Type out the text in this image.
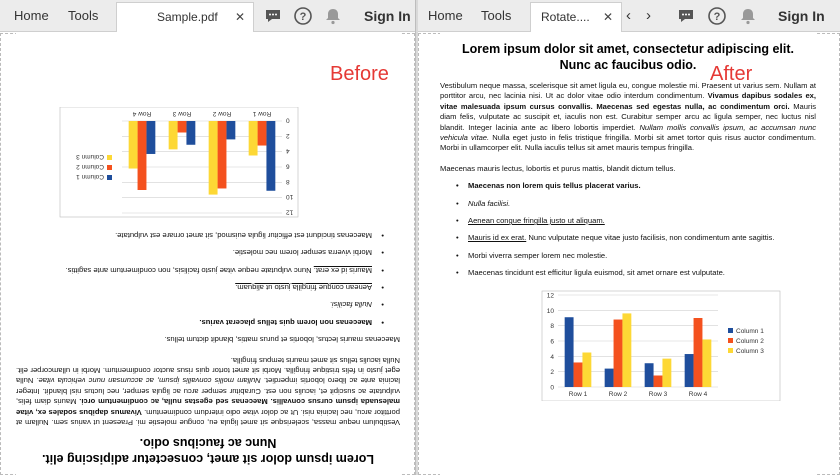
Home Tools	Sample.pdf ✕	?	Sign In
Lorem ipsum dolor sit amet, consectetur adipiscing elit. Nunc ac faucibus odio.
Vestibulum neque massa, scelerisque sit amet ligula eu, congue molestie mi. Praesent ut varius sem. Nullam at porttitor arcu, nec lacinia nisi. Ut ac dolor vitae odio interdum condimentum. Vivamus dapibus sodales ex, vitae malesuada ipsum cursus convallis. Maecenas sed egestas nulla, ac condimentum orci. Mauris diam felis, vulputate ac suscipit et, iaculis non est. Curabitur semper arcu ac ligula semper, nec luctus nisl blandit. Integer lacinia ante ac libero lobortis imperdiet. Nullam mollis convallis ipsum, ac accumsan nunc vehicula vitae. Nulla eget justo in felis tristique fringilla. Morbi sit amet tortor quis risus auctor condimentum. Morbi in ullamcorper elit. Nulla iaculis tellus sit amet mauris tempus fringilla.
Maecenas mauris lectus, lobortis et purus mattis, blandit dictum tellus.
• Maecenas non lorem quis tellus placerat varius.
• Nulla facilisi.
• Aenean congue fringilla justo ut aliquam.
• Mauris id ex erat. Nunc vulputate neque vitae justo facilisis, non condimentum ante sagittis.
• Morbi viverra semper lorem nec molestie.
• Maecenas tincidunt est efficitur ligula euismod, sit amet ornare est vulputate.
0
2
4
6
8
10
12
Row 1
Row 2
Row 3
Row 4
Column 1
Column 2
Column 3
Before
Home Tools Rotate....	✕ ‹ ›	?	Sign In
Lorem ipsum dolor sit amet, consectetur adipiscing elit. Nunc ac faucibus odio.
Vestibulum neque massa, scelerisque sit amet ligula eu, congue molestie mi. Praesent ut varius sem. Nullam at porttitor arcu, nec lacinia nisi. Ut ac dolor vitae odio interdum condimentum. Vivamus dapibus sodales ex, vitae malesuada ipsum cursus convallis. Maecenas sed egestas nulla, ac condimentum orci. Mauris diam felis, vulputate ac suscipit et, iaculis non est. Curabitur semper arcu ac ligula semper, nec luctus nisl blandit. Integer lacinia ante ac libero lobortis imperdiet. Nullam mollis convallis ipsum, ac accumsan nunc vehicula vitae. Nulla eget justo in felis tristique fringilla. Morbi sit amet tortor quis risus auctor condimentum. Morbi in ullamcorper elit. Nulla iaculis tellus sit amet mauris tempus fringilla.
Maecenas mauris lectus, lobortis et purus mattis, blandit dictum tellus.
• Maecenas non lorem quis tellus placerat varius.
• Nulla facilisi.
• Aenean congue fringilla justo ut aliquam.
• Mauris id ex erat. Nunc vulputate neque vitae justo facilisis, non condimentum ante sagittis.
• Morbi viverra semper lorem nec molestie.
• Maecenas tincidunt est efficitur ligula euismod, sit amet ornare est vulputate.
0
2
4
6
8
10
12
Row 1	Row 2	Row 3	Row 4
Column 1
Column 2
Column 3
After
